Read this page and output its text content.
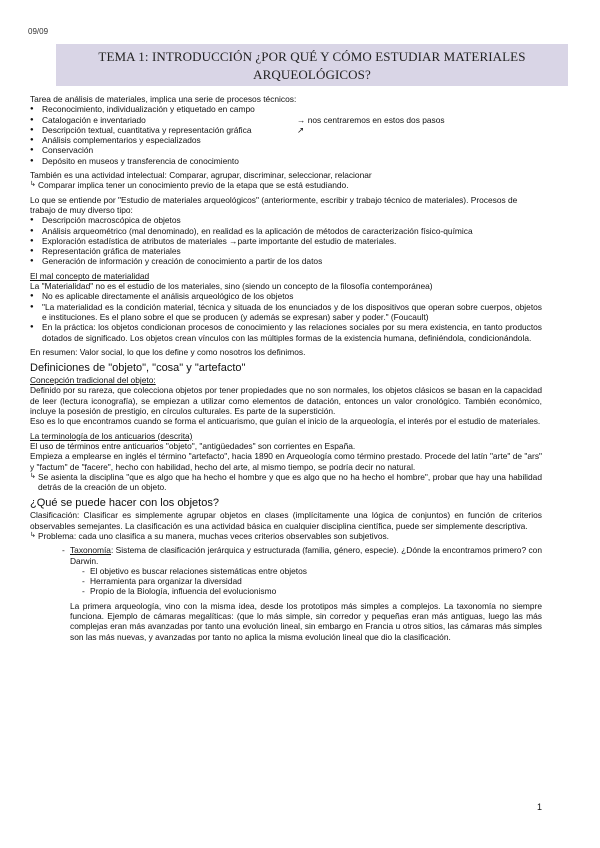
09/09
TEMA 1: INTRODUCCIÓN ¿POR QUÉ Y CÓMO ESTUDIAR MATERIALES
ARQUEOLÓGICOS?

Tarea de análisis de materiales, implica una serie de procesos técnicos:

● Reconocimiento, individualización y etiquetado en campo
● Catalogación e inventariado	→ nos centraremos en estos dos pasos
● Descripción textual, cuantitativa y representación gráfica	↗
● Análisis complementarios y especializados
● Conservación
● Depósito en museos y transferencia de conocimiento

También es una actividad intelectual: Comparar, agrupar, discriminar, seleccionar, relacionar

↳ Comparar implica tener un conocimiento previo de la etapa que se está estudiando.

Lo que se entiende por "Estudio de materiales arqueológicos" (anteriormente, escribir y trabajo técnico de materiales). Procesos de trabajo de muy diverso tipo:

● Descripción macroscópica de objetos
● Análisis arqueométrico (mal denominado), en realidad es la aplicación de métodos de caracterización físico-química
● Exploración estadística de atributos de materiales →parte importante del estudio de materiales.
● Representación gráfica de materiales
● Generación de información y creación de conocimiento a partir de los datos

El mal concepto de materialidad

La "Materialidad" no es el estudio de los materiales, sino (siendo un concepto de la filosofía contemporánea)

● No es aplicable directamente el análisis arqueológico de los objetos
● "La materialidad es la condición material, técnica y situada de los enunciados y de los dispositivos que operan sobre cuerpos, objetos e instituciones. Es el plano sobre el que se producen (y además se expresan) saber y poder." (Foucault)
● En la práctica: los objetos condicionan procesos de conocimiento y las relaciones sociales por su mera existencia, en tanto productos dotados de significado. Los objetos crean vínculos con las múltiples formas de la existencia humana, definiéndola, condicionándola.

En resumen: Valor social, lo que los define y como nosotros los definimos.

Definiciones de "objeto", "cosa" y "artefacto"

Concepción tradicional del objeto:

Definido por su rareza, que colecciona objetos por tener propiedades que no son normales, los objetos clásicos se basan en la capacidad de leer (lectura iconografía), se empiezan a utilizar como elementos de datación, entonces un valor cronológico. También económico, incluye la posesión de prestigio, en círculos culturales. Es parte de la superstición.

Eso es lo que encontramos cuando se forma el anticuarismo, que guían el inicio de la arqueología, el interés por el estudio de materiales.

La terminología de los anticuarios (descrita)

El uso de términos entre anticuarios "objeto", "antigüedades" son corrientes en España.

Empieza a emplearse en inglés el término "artefacto", hacia 1890 en Arqueología como término prestado. Procede del latín "arte" de "ars" y "factum" de "facere", hecho con habilidad, hecho del arte, al mismo tiempo, se podría decir no natural.

↳ Se asienta la disciplina "que es algo que ha hecho el hombre y que es algo que no ha hecho el hombre", probar que hay una habilidad detrás de la creación de un objeto.

¿Qué se puede hacer con los objetos?

Clasificación: Clasificar es simplemente agrupar objetos en clases (implícitamente una lógica de conjuntos) en función de criterios observables semejantes. La clasificación es una actividad básica en cualquier disciplina científica, puede ser simplemente descriptiva.

↳ Problema: cada uno clasifica a su manera, muchas veces criterios observables son subjetivos.

- Taxonomía: Sistema de clasificación jerárquica y estructurada (familia, género, especie). ¿Dónde la encontramos primero? con Darwin.

- El objetivo es buscar relaciones sistemáticas entre objetos
- Herramienta para organizar la diversidad
- Propio de la Biología, influencia del evolucionismo

La primera arqueología, vino con la misma idea, desde los prototipos más simples a complejos. La taxonomía no siempre funciona. Ejemplo de cámaras megalíticas: (que lo más simple, sin corredor y pequeñas eran más antiguas, luego las más complejas eran más avanzadas por tanto una evolución lineal, sin embargo en Francia u otros sitios, las cámaras más simples son las más nuevas, y avanzadas por tanto no aplica la misma evolución lineal que dio la clasificación.

1
